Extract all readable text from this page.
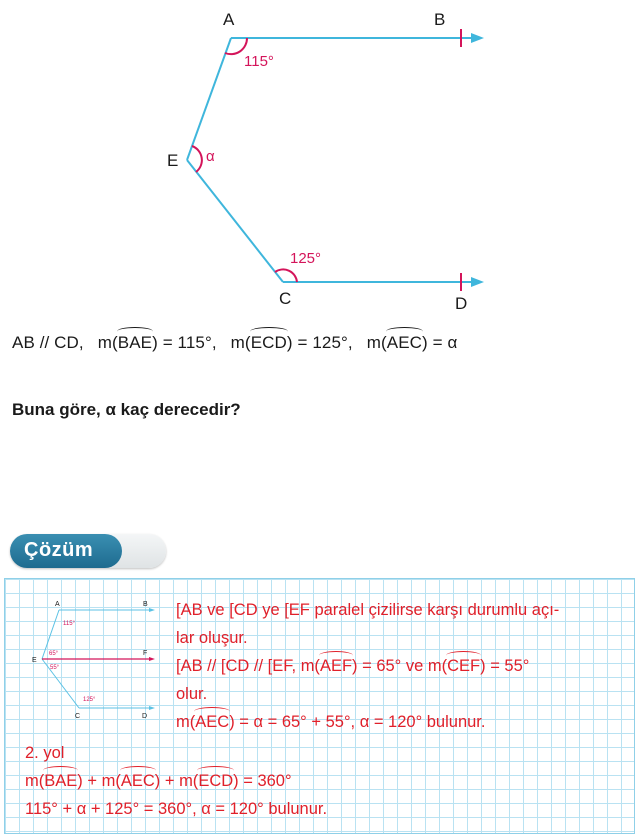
A	B
E
C	D
115°
α
125°
AB // CD, m(BAE) = 115°, m(ECD) = 125°, m(AEC) = α
Buna göre, α kaç derecedir?
Çözüm
A	B
E
F
C	D
115°
65°
55°
125°
[AB ve [CD ye [EF paralel çizilirse karşı durumlu açı-
lar oluşur.
[AB // [CD // [EF, m(AEF) = 65° ve m(CEF) = 55°
olur.
m(AEC) = α = 65° + 55°, α = 120° bulunur.
2. yol
m(BAE) + m(AEC) + m(ECD) = 360°
115° + α + 125° = 360°, α = 120° bulunur.
